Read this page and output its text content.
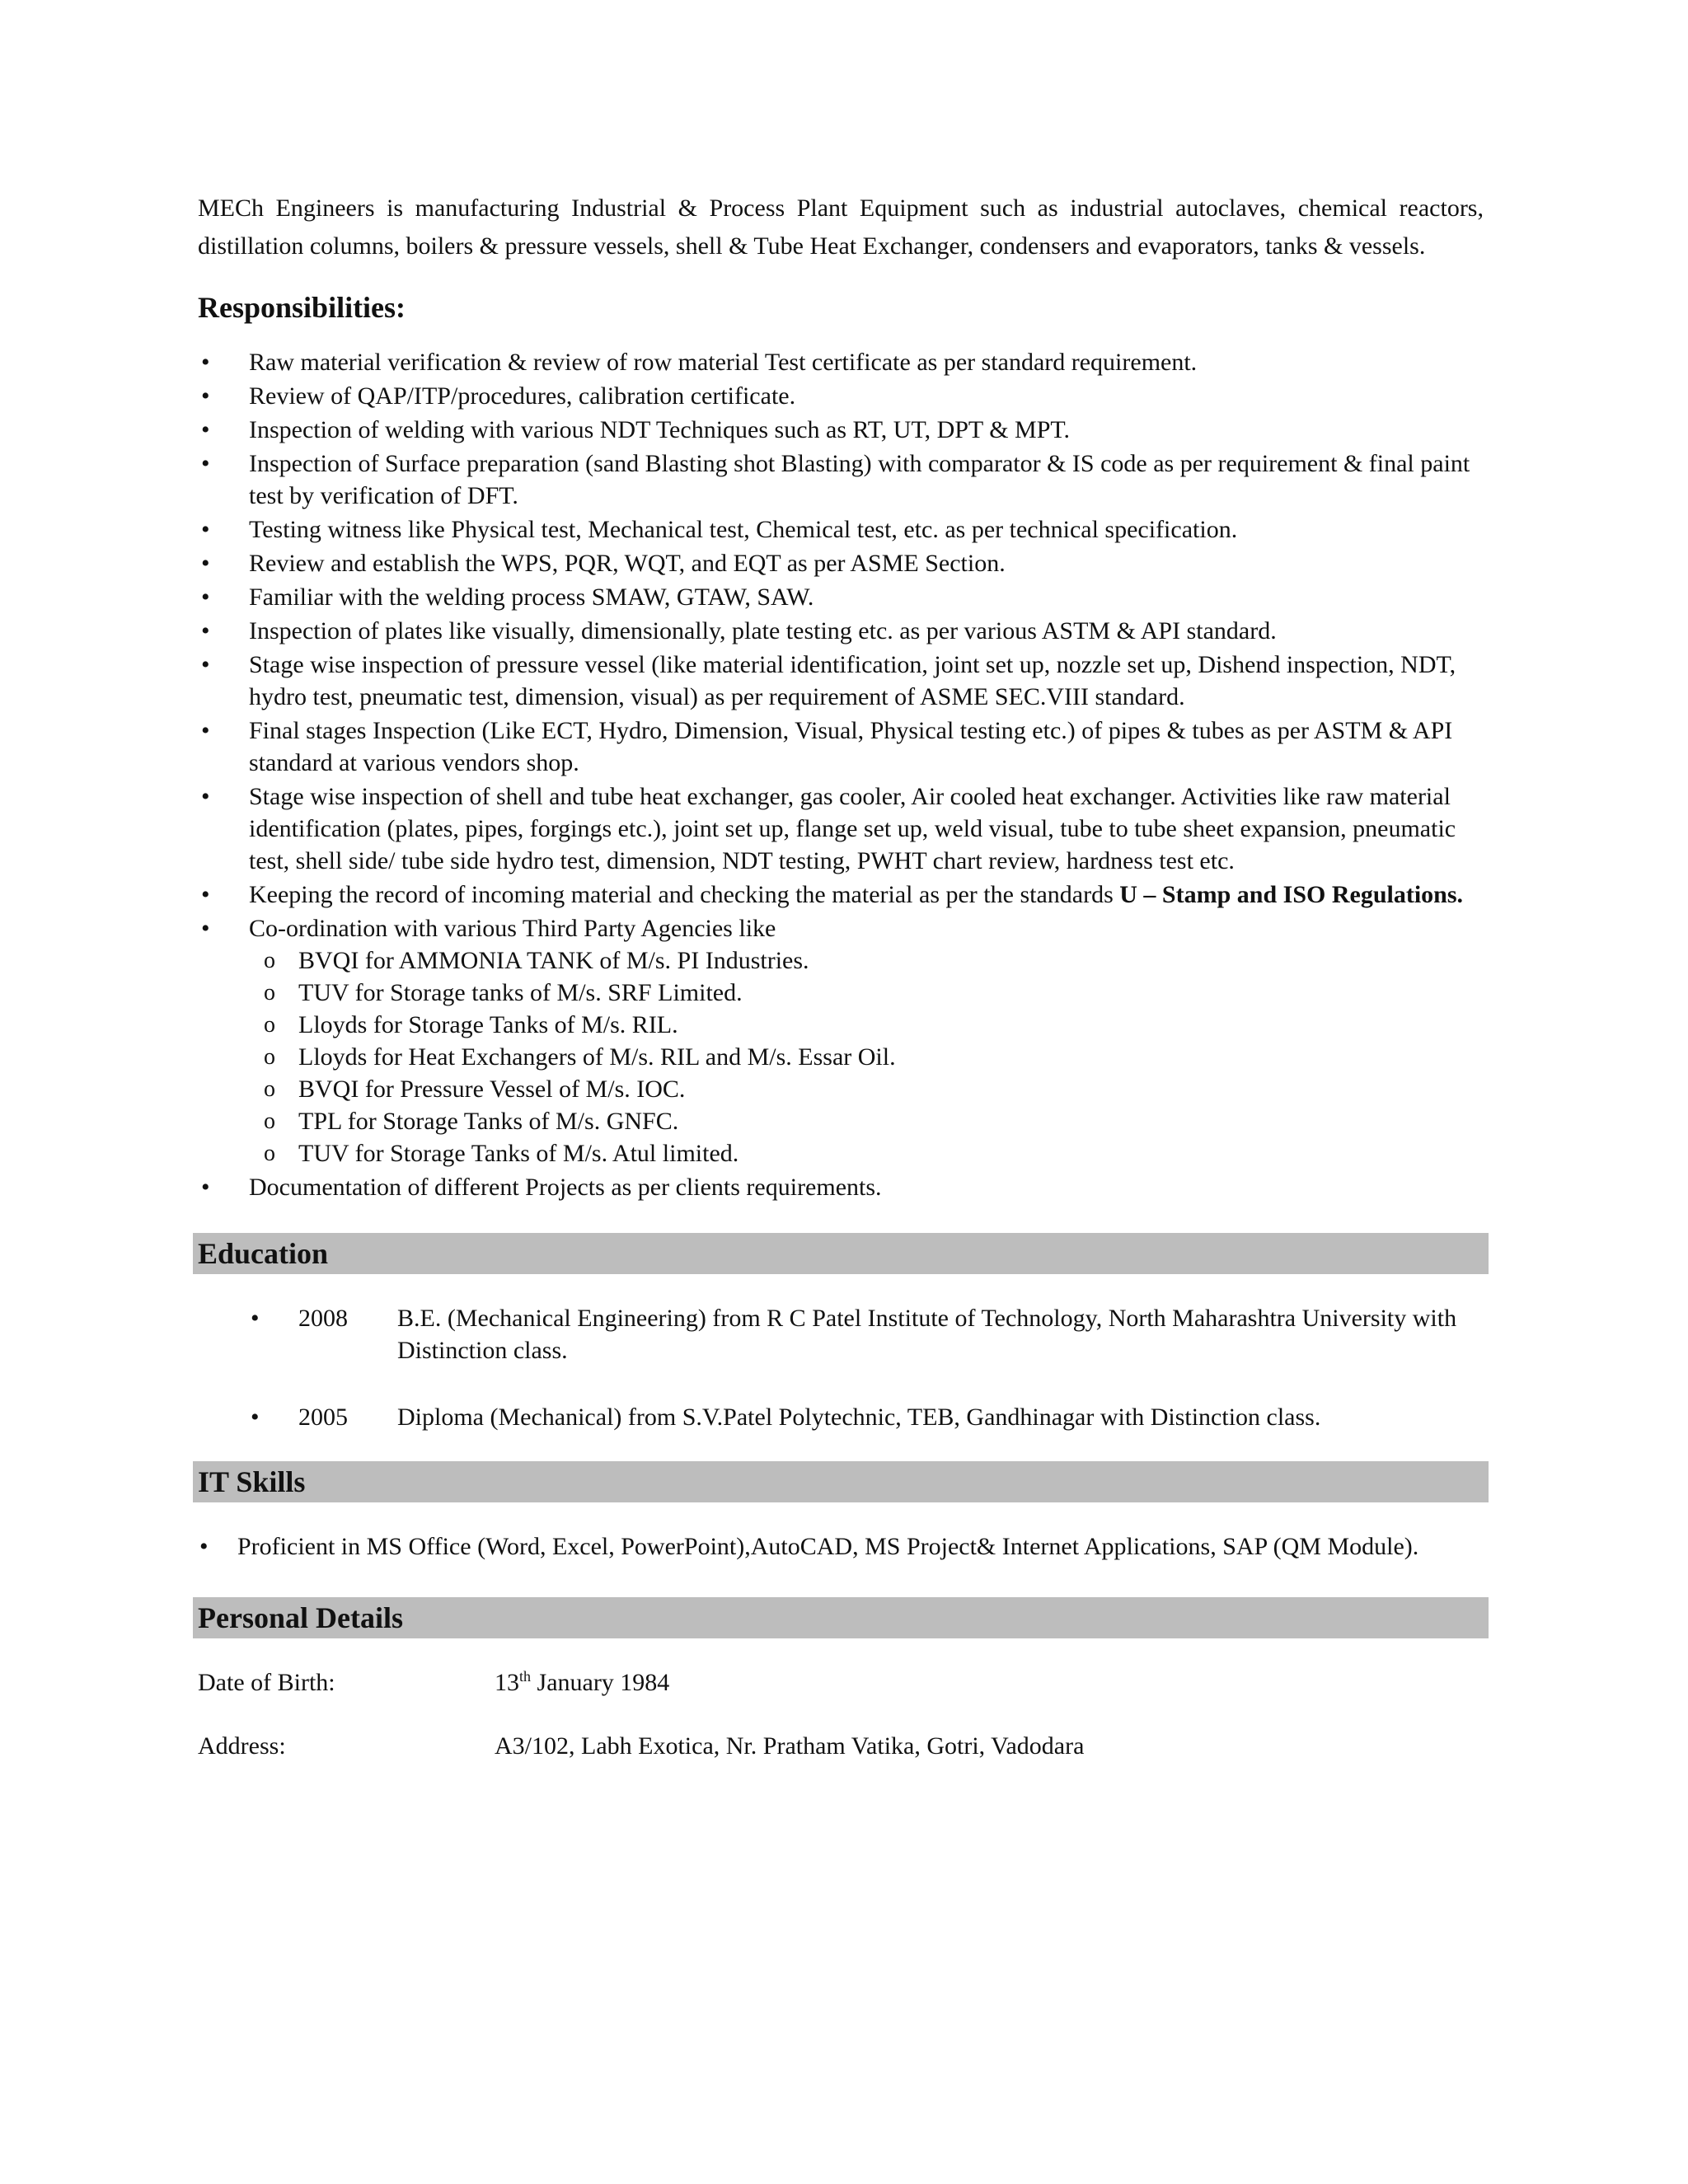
MECh Engineers is manufacturing Industrial & Process Plant Equipment such as industrial autoclaves, chemical reactors, distillation columns, boilers & pressure vessels, shell & Tube Heat Exchanger, condensers and evaporators, tanks & vessels.

Responsibilities:
• Raw material verification & review of row material Test certificate as per standard requirement.
• Review of QAP/ITP/procedures, calibration certificate.
• Inspection of welding with various NDT Techniques such as RT, UT, DPT & MPT.
• Inspection of Surface preparation (sand Blasting shot Blasting) with comparator & IS code as per requirement & final paint test by verification of DFT.
• Testing witness like Physical test, Mechanical test, Chemical test, etc. as per technical specification.
• Review and establish the WPS, PQR, WQT, and EQT as per ASME Section.
• Familiar with the welding process SMAW, GTAW, SAW.
• Inspection of plates like visually, dimensionally, plate testing etc. as per various ASTM & API standard.
• Stage wise inspection of pressure vessel (like material identification, joint set up, nozzle set up, Dishend inspection, NDT, hydro test, pneumatic test, dimension, visual) as per requirement of ASME SEC.VIII standard.
• Final stages Inspection (Like ECT, Hydro, Dimension, Visual, Physical testing etc.) of pipes & tubes as per ASTM & API standard at various vendors shop.
• Stage wise inspection of shell and tube heat exchanger, gas cooler, Air cooled heat exchanger. Activities like raw material identification (plates, pipes, forgings etc.), joint set up, flange set up, weld visual, tube to tube sheet expansion, pneumatic test, shell side/ tube side hydro test, dimension, NDT testing, PWHT chart review, hardness test etc.
• Keeping the record of incoming material and checking the material as per the standards U – Stamp and ISO Regulations.
• Co-ordination with various Third Party Agencies like
o BVQI for AMMONIA TANK of M/s. PI Industries.
o TUV for Storage tanks of M/s. SRF Limited.
o Lloyds for Storage Tanks of M/s. RIL.
o Lloyds for Heat Exchangers of M/s. RIL and M/s. Essar Oil.
o BVQI for Pressure Vessel of M/s. IOC.
o TPL for Storage Tanks of M/s. GNFC.
o TUV for Storage Tanks of M/s. Atul limited.
• Documentation of different Projects as per clients requirements.
Education
• 2008	B.E. (Mechanical Engineering) from R C Patel Institute of Technology, North Maharashtra University with Distinction class.
• 2005	Diploma (Mechanical) from S.V.Patel Polytechnic, TEB, Gandhinagar with Distinction class.
IT Skills
• Proficient in MS Office (Word, Excel, PowerPoint),AutoCAD, MS Project& Internet Applications, SAP (QM Module).
Personal Details
Date of Birth:	13th January 1984
Address:	A3/102, Labh Exotica, Nr. Pratham Vatika, Gotri, Vadodara
